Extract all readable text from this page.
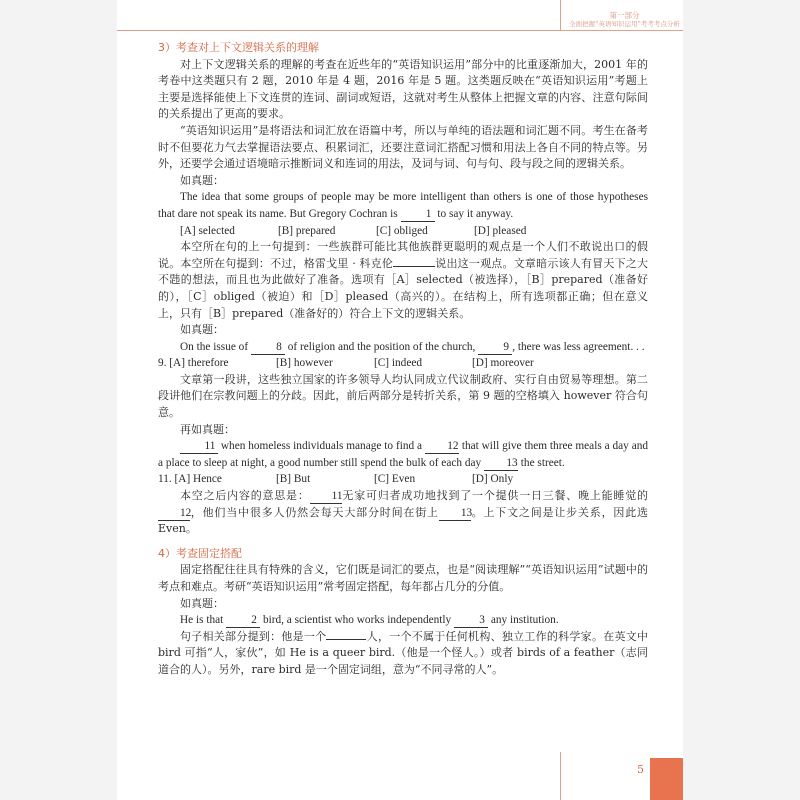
第一部分
全面把握“英语知识运用”考考考点分析

3）考查对上下文逻辑关系的理解

对上下文逻辑关系的理解的考查在近些年的“英语知识运用”部分中的比重逐渐加大，2001 年的考卷中这类题只有 2 题，2010 年是 4 题，2016 年是 5 题。这类题反映在“英语知识运用”考题上主要是选择能使上下文连贯的连词、副词或短语，这就对考生从整体上把握文章的内容、注意句际间的关系提出了更高的要求。

“英语知识运用”是将语法和词汇放在语篇中考，所以与单纯的语法题和词汇题不同。考生在备考时不但要花力气去掌握语法要点、积累词汇，还要注意词汇搭配习惯和用法上各自不同的特点等。另外，还要学会通过语境暗示推断词义和连词的用法，及词与词、句与句、段与段之间的逻辑关系。

如真题：

The idea that some groups of people may be more intelligent than others is one of those hypotheses that dare not speak its name. But Gregory Cochran is 1 to say it anyway.

[A] selected	[B] prepared	[C] obliged	[D] pleased

本空所在句的上一句提到：一些族群可能比其他族群更聪明的观点是一个人们不敢说出口的假说。本空所在句提到：不过，格雷戈里 · 科克伦	说出这一观点。文章暗示该人有冒天下之大不韪的想法，而且也为此做好了准备。选项有［A］selected（被选择），［B］prepared（准备好的），［C］obliged（被迫）和［D］pleased（高兴的）。在结构上，所有选项都正确；但在意义上，只有［B］prepared（准备好的）符合上下文的逻辑关系。

如真题：

On the issue of 8 of religion and the position of the church, 9 , there was less agreement. . .

9. [A] therefore	[B] however	[C] indeed	[D] moreover

文章第一段讲，这些独立国家的许多领导人均认同成立代议制政府、实行自由贸易等理想。第二段讲他们在宗教问题上的分歧。因此，前后两部分是转折关系，第 9 题的空格填入 however 符合句意。

再如真题：

11 when homeless individuals manage to find a 12 that will give them three meals a day and a place to sleep at night, a good number still spend the bulk of each day 13 the street.

11. [A] Hence	[B] But	[C] Even	[D] Only

本空之后内容的意思是： 11无家可归者成功地找到了一个提供一日三餐、晚上能睡觉的12，他们当中很多人仍然会每天大部分时间在街上 13。上下文之间是让步关系，因此选 Even。

4）考查固定搭配

固定搭配往往具有特殊的含义，它们既是词汇的要点，也是“阅读理解”“英语知识运用”试题中的考点和难点。考研“英语知识运用”常考固定搭配，每年都占几分的分值。

如真题：

He is that 2 bird, a scientist who works independently 3 any institution.

句子相关部分提到：他是一个	人，一个不属于任何机构、独立工作的科学家。在英文中 bird 可指“人，家伙”，如 He is a queer bird.（他是一个怪人。）或者 birds of a feather（志同道合的人）。另外，rare bird 是一个固定词组，意为“不同寻常的人”。

5
